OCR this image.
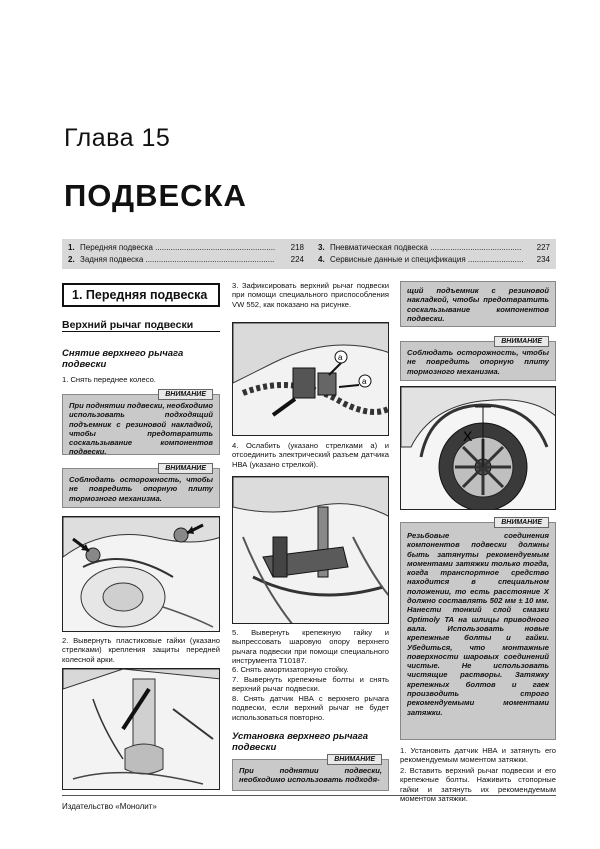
Глава 15
ПОДВЕСКА
1. Передняя подвеска ......................................................	218
2. Задняя подвеска ..........................................................	224
3. Пневматическая подвеска .........................................	227
4. Сервисные данные и спецификация .........................	234
1. Передняя подвеска
Верхний рычаг подвески
Снятие верхнего рычага подвески
1. Снять переднее колесо.
ВНИМАНИЕ
При поднятии подвески, необходимо использовать подходящий подъемник с резиновой накладкой, чтобы предотвратить соскальзывание компонентов подвески.
ВНИМАНИЕ
Соблюдать осторожность, чтобы не повредить опорную плиту тормозного механизма.
2. Вывернуть пластиковые гайки (указано стрелками) крепления защиты передней колесной арки.
3. Зафиксировать верхний рычаг подвески при помощи специального приспособления VW 552, как показано на рисунке.
a
a
4. Ослабить (указано стрелками а) и отсоединить электрический разъем датчика НВА (указано стрелкой).
5. Вывернуть крепежную гайку и выпрессовать шаровую опору верхнего рычага подвески при помощи специального инструмента T10187.
6. Снять амортизаторную стойку.
7. Вывернуть крепежные болты и снять верхний рычаг подвески.
8. Снять датчик НВА с верхнего рычага подвески, если верхний рычаг не будет использоваться повторно.
Установка верхнего рычага подвески
ВНИМАНИЕ
При поднятии подвески, необходимо использовать подходя-
щий подъемник с резиновой накладкой, чтобы предотвратить соскальзывание компонентов подвески.
ВНИМАНИЕ
Соблюдать осторожность, чтобы не повредить опорную плиту тормозного механизма.
X
ВНИМАНИЕ
Резьбовые соединения компонентов подвески должны быть затянуты рекомендуемым моментами затяжки только тогда, когда транспортное средство находится в специальном положении, то есть расстояние X должно составлять 502 мм ± 10 мм. Нанести тонкий слой смазки Optimoly TA на шлицы приводного вала. Использовать новые крепежные болты и гайки. Убедиться, что монтажные поверхности шаровых соединений чистые. Не использовать чистящие растворы. Затяжку крепежных болтов и гаек производить строго рекомендуемыми моментами затяжки.
1. Установить датчик НВА и затянуть его рекомендуемым моментом затяжки.
2. Вставить верхний рычаг подвески и его крепежные болты. Наживить стопорные гайки и затянуть их рекомендуемым моментом затяжки.
Издательство «Монолит»
